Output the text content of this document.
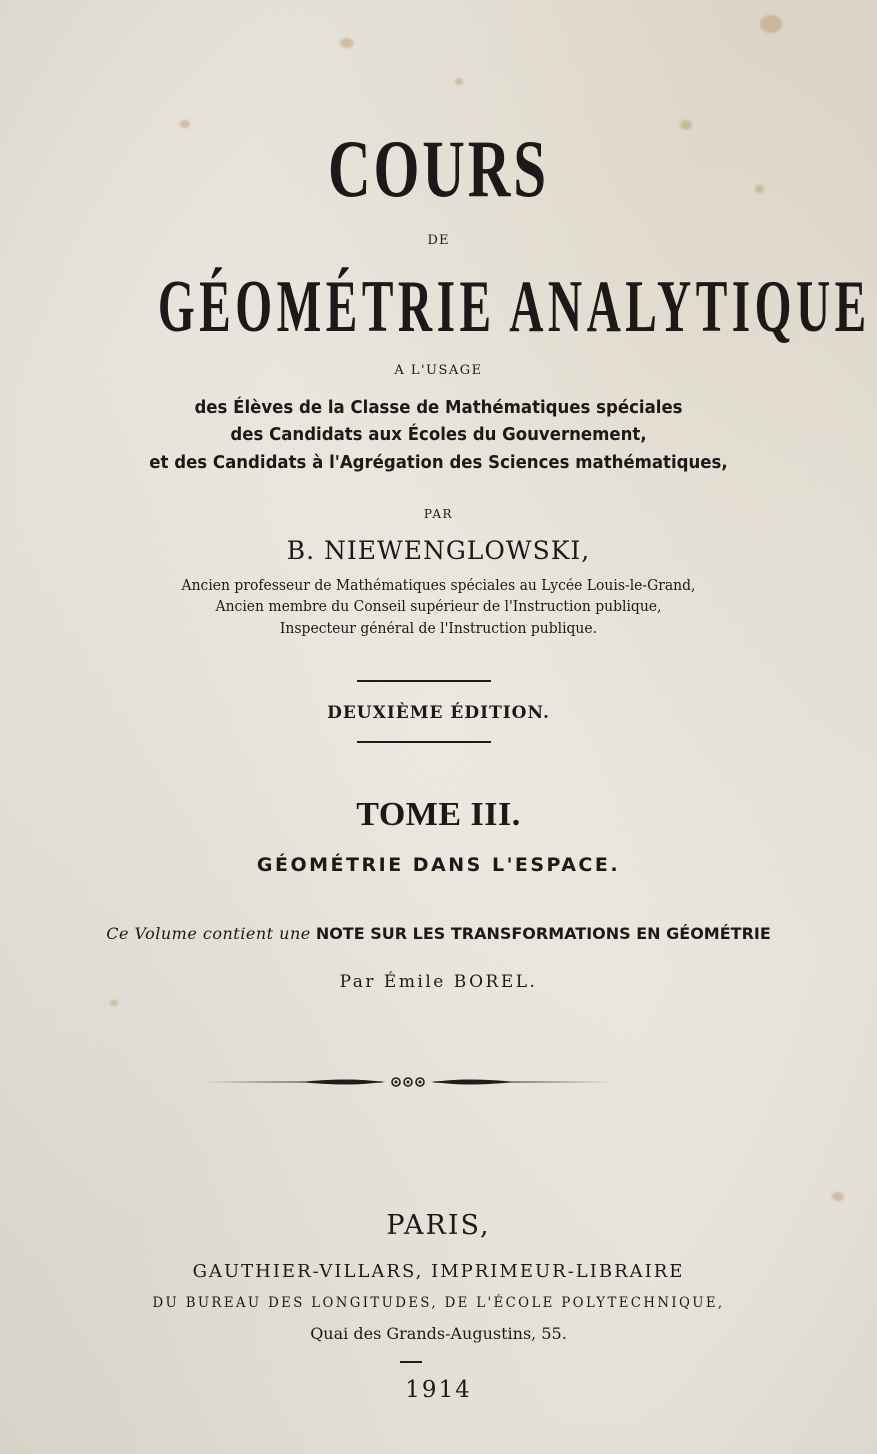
COURS
DE
GÉOMÉTRIE ANALYTIQUE
A L'USAGE
des Élèves de la Classe de Mathématiques spéciales
des Candidats aux Écoles du Gouvernement,
et des Candidats à l'Agrégation des Sciences mathématiques,
PAR
B. NIEWENGLOWSKI,
Ancien professeur de Mathématiques spéciales au Lycée Louis-le-Grand,
Ancien membre du Conseil supérieur de l'Instruction publique,
Inspecteur général de l'Instruction publique.
DEUXIÈME ÉDITION.
TOME III.
GÉOMÉTRIE DANS L'ESPACE.
Ce Volume contient une NOTE SUR LES TRANSFORMATIONS EN GÉOMÉTRIE
Par Émile BOREL.
PARIS,
GAUTHIER-VILLARS, IMPRIMEUR-LIBRAIRE
DU BUREAU DES LONGITUDES, DE L'ÉCOLE POLYTECHNIQUE,
Quai des Grands-Augustins, 55.
1914
